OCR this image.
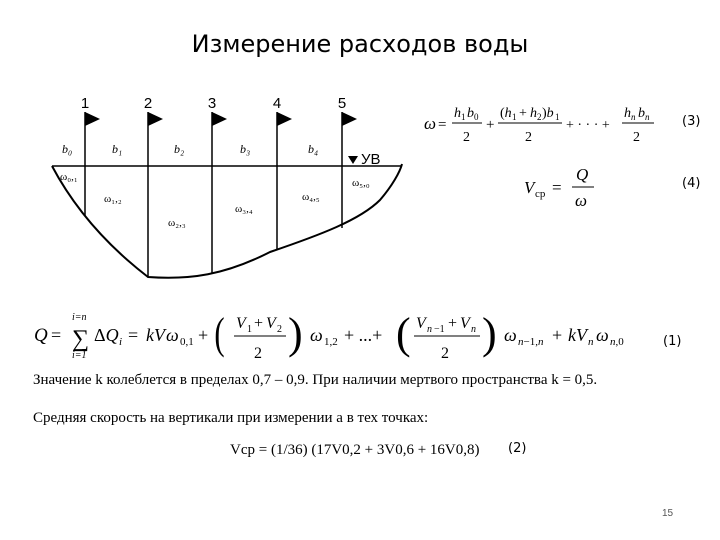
Измерение расходов воды
УВ
1	2	3	4	5
b₀	b₁	b₂	b₃	b₄
ω₀,₁
ω₁,₂
ω₂,₃
ω₃,₄
ω₄,₅
ω₅,₀
ω =
h 1 b 0
2
+
(h 1 + h 2 )b 1
2
+ · · · +
h n b n
2
(3)
V ср =
Q
ω
(4)
Q =
i=n
∑
i=1
ΔQ i = kV ω 0,1 + ( V 1 + V 2
2 ) ω 1,2 + ...+ ( V n −1 + V n
2 ) ω n−1,n + kV n ω n,0	(1)
Значение k колеблется в пределах 0,7 – 0,9. При наличии мертвого пространства k = 0,5.
Средняя скорость на вертикали при измерении a в тех точках:
Vср = (1/36) (17V0,2 + 3V0,6 + 16V0,8) (2)
15
